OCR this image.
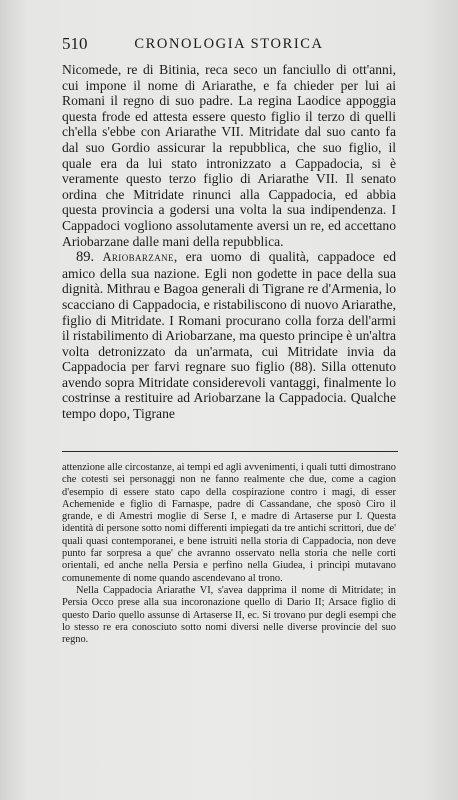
510	CRONOLOGIA STORICA

Nicomede, re di Bitinia, reca seco un fanciullo di ott'anni, cui impone il nome di Ariarathe, e fa chieder per lui ai Romani il regno di suo padre. La regina Laodice appoggia questa frode ed attesta essere questo figlio il terzo di quelli ch'ella s'ebbe con Ariarathe VII. Mitridate dal suo canto fa dal suo Gordio assicurar la repubblica, che suo figlio, il quale era da lui stato intronizzato a Cappadocia, si è veramente questo terzo figlio di Ariarathe VII. Il senato ordina che Mitridate rinunci alla Cappadocia, ed abbia questa provincia a godersi una volta la sua indipendenza. I Cappadoci vogliono assolutamente aversi un re, ed accettano Ariobarzane dalle mani della repubblica.

89. Ariobarzane, era uomo di qualità, cappadoce ed amico della sua nazione. Egli non godette in pace della sua dignità. Mithrau e Bagoa generali di Tigrane re d'Armenia, lo scacciano di Cappadocia, e ristabiliscono di nuovo Ariarathe, figlio di Mitridate. I Romani procurano colla forza dell'armi il ristabilimento di Ariobarzane, ma questo principe è un'altra volta detronizzato da un'armata, cui Mitridate invia da Cappadocia per farvi regnare suo figlio (88). Silla ottenuto avendo sopra Mitridate considerevoli vantaggi, finalmente lo costrinse a restituire ad Ariobarzane la Cappadocia. Qualche tempo dopo, Tigrane

attenzione alle circostanze, ai tempi ed agli avvenimenti, i quali tutti dimostrano che cotesti sei personaggi non ne fanno realmente che due, come a cagion d'esempio di essere stato capo della cospirazione contro i magi, di esser Achemenide e figlio di Farnaspe, padre di Cassandane, che sposò Ciro il grande, e di Amestri moglie di Serse I, e madre di Artaserse pur I. Questa identità di persone sotto nomi differenti impiegati da tre antichi scrittori, due de' quali quasi contemporanei, e bene istruiti nella storia di Cappadocia, non deve punto far sorpresa a que' che avranno osservato nella storia che nelle corti orientali, ed anche nella Persia e perfino nella Giudea, i principi mutavano comunemente di nome quando ascendevano al trono.

Nella Cappadocia Ariarathe VI, s'avea dapprima il nome di Mitridate; in Persia Occo prese alla sua incoronazione quello di Dario II; Arsace figlio di questo Dario quello assunse di Artaserse II, ec. Si trovano pur degli esempi che lo stesso re era conosciuto sotto nomi diversi nelle diverse provincie del suo regno.
